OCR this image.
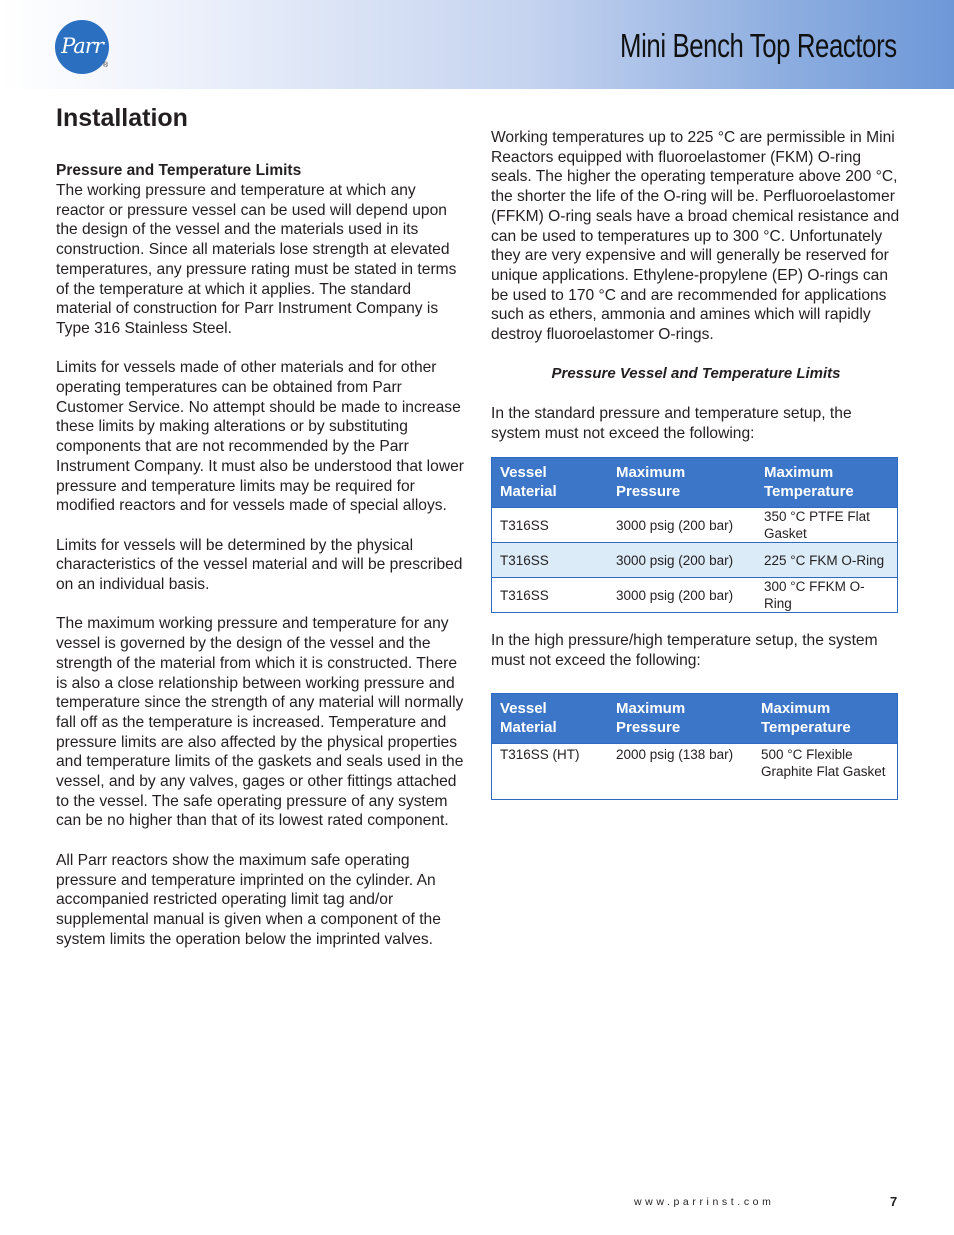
Parr
®
Mini Bench Top Reactors
Installation
Pressure and Temperature Limits

The working pressure and temperature at which any reactor or pressure vessel can be used will depend upon the design of the vessel and the materials used in its construction. Since all materials lose strength at elevated temperatures, any pressure rating must be stated in terms of the temperature at which it applies. The standard material of construction for Parr Instrument Company is Type 316 Stainless Steel.

Limits for vessels made of other materials and for other operating temperatures can be obtained from Parr Customer Service. No attempt should be made to increase these limits by making alterations or by substituting components that are not recommended by the Parr Instrument Company. It must also be understood that lower pressure and temperature limits may be required for modified reactors and for vessels made of special alloys.

Limits for vessels will be determined by the physical characteristics of the vessel material and will be prescribed on an individual basis.

The maximum working pressure and temperature for any vessel is governed by the design of the vessel and the strength of the material from which it is constructed. There is also a close relationship between working pressure and temperature since the strength of any material will normally fall off as the temperature is increased. Temperature and pressure limits are also affected by the physical properties and temperature limits of the gaskets and seals used in the vessel, and by any valves, gages or other fittings attached to the vessel. The safe operating pressure of any system can be no higher than that of its lowest rated component.

All Parr reactors show the maximum safe operating pressure and temperature imprinted on the cylinder. An accompanied restricted operating limit tag and/or supplemental manual is given when a component of the system limits the operation below the imprinted valves.

Working temperatures up to 225 °C are permissible in Mini Reactors equipped with fluoroelastomer (FKM) O-ring seals. The higher the operating temperature above 200 °C, the shorter the life of the O-ring will be. Perfluoroelastomer (FFKM) O-ring seals have a broad chemical resistance and can be used to temperatures up to 300 °C. Unfortunately they are very expensive and will generally be reserved for unique applications. Ethylene-propylene (EP) O-rings can be used to 170 °C and are recommended for applications such as ethers, ammonia and amines which will rapidly destroy fluoroelastomer O-rings.

Pressure Vessel and Temperature Limits

In the standard pressure and temperature setup, the system must not exceed the following:

Vessel Material	Maximum Pressure	Maximum Temperature
T316SS	3000 psig (200 bar)	350 °C PTFE Flat Gasket
T316SS	3000 psig (200 bar)	225 °C FKM O-Ring
T316SS	3000 psig (200 bar)	300 °C FFKM O-Ring

In the high pressure/high temperature setup, the system must not exceed the following:

Vessel Material	Maximum Pressure	Maximum Temperature
T316SS (HT)	2000 psig (138 bar)	500 °C Flexible Graphite Flat Gasket
www.parrinst.com	7
